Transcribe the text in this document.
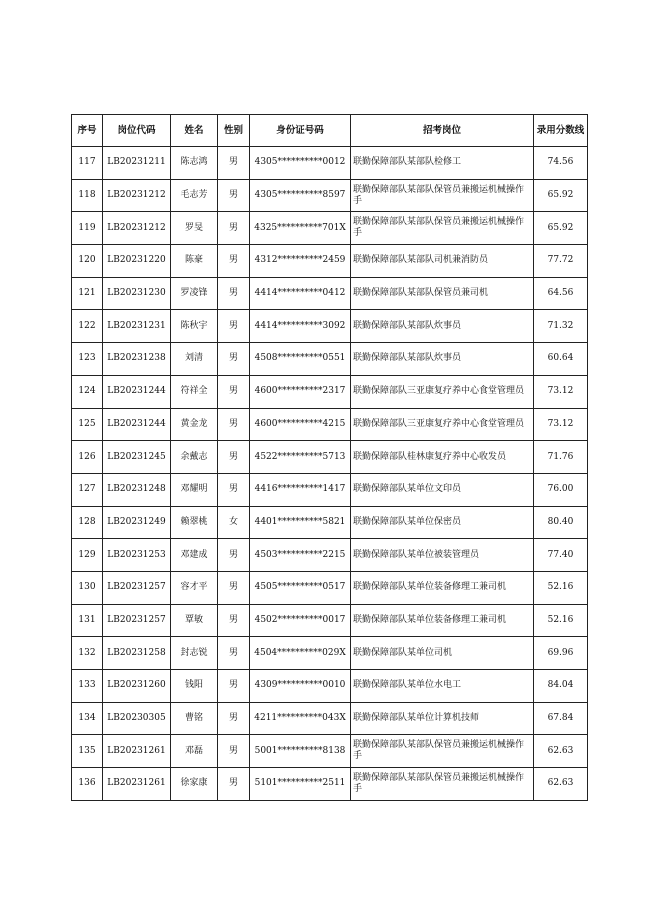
序号	岗位代码	姓名	性别	身份证号码	招考岗位	录用分数线
117	LB20231211	陈志鸿	男	4305**********0012	联勤保障部队某部队检修工	74.56
118	LB20231212	毛志芳	男	4305**********8597	联勤保障部队某部队保管员兼搬运机械操作手	65.92
119	LB20231212	罗旻	男	4325**********701X	联勤保障部队某部队保管员兼搬运机械操作手	65.92
120	LB20231220	陈豪	男	4312**********2459	联勤保障部队某部队司机兼消防员	77.72
121	LB20231230	罗凌锋	男	4414**********0412	联勤保障部队某部队保管员兼司机	64.56
122	LB20231231	陈秋宇	男	4414**********3092	联勤保障部队某部队炊事员	71.32
123	LB20231238	刘清	男	4508**********0551	联勤保障部队某部队炊事员	60.64
124	LB20231244	符祥全	男	4600**********2317	联勤保障部队三亚康复疗养中心食堂管理员	73.12
125	LB20231244	黄金龙	男	4600**********4215	联勤保障部队三亚康复疗养中心食堂管理员	73.12
126	LB20231245	余戴志	男	4522**********5713	联勤保障部队桂林康复疗养中心收发员	71.76
127	LB20231248	邓耀明	男	4416**********1417	联勤保障部队某单位文印员	76.00
128	LB20231249	赖翠桃	女	4401**********5821	联勤保障部队某单位保密员	80.40
129	LB20231253	邓建成	男	4503**********2215	联勤保障部队某单位被装管理员	77.40
130	LB20231257	容才平	男	4505**********0517	联勤保障部队某单位装备修理工兼司机	52.16
131	LB20231257	覃敏	男	4502**********0017	联勤保障部队某单位装备修理工兼司机	52.16
132	LB20231258	封志锐	男	4504**********029X	联勤保障部队某单位司机	69.96
133	LB20231260	钱阳	男	4309**********0010	联勤保障部队某单位水电工	84.04
134	LB20230305	曹铭	男	4211**********043X	联勤保障部队某单位计算机技师	67.84
135	LB20231261	邓磊	男	5001**********8138	联勤保障部队某部队保管员兼搬运机械操作手	62.63
136	LB20231261	徐家康	男	5101**********2511	联勤保障部队某部队保管员兼搬运机械操作手	62.63
